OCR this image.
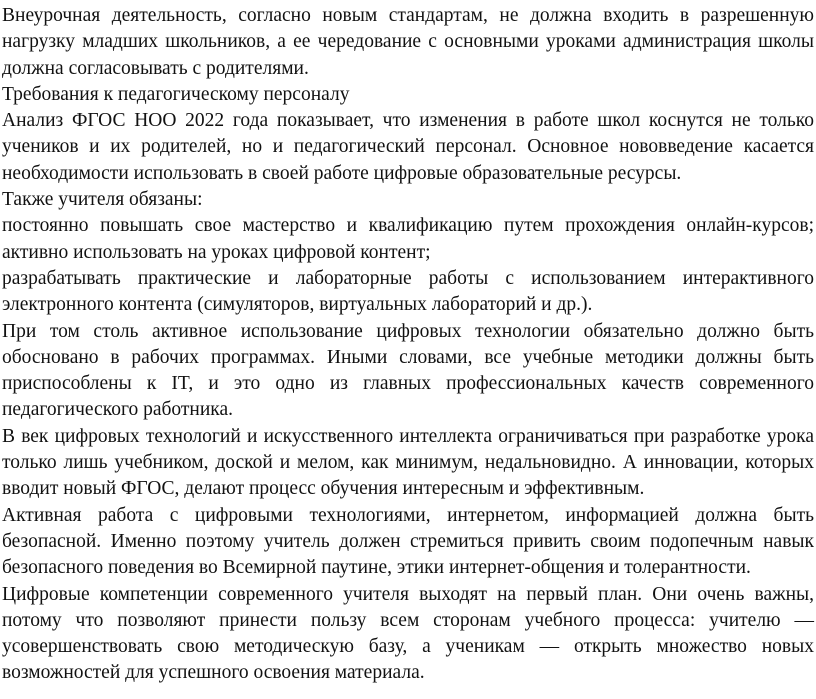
Внеурочная деятельность, согласно новым стандартам, не должна входить в разрешенную нагрузку младших школьников, а ее чередование с основными уроками администрация школы должна согласовывать с родителями.

Требования к педагогическому персоналу

Анализ ФГОС НОО 2022 года показывает, что изменения в работе школ коснутся не только учеников и их родителей, но и педагогический персонал. Основное нововведение касается необходимости использовать в своей работе цифровые образовательные ресурсы.

Также учителя обязаны:

постоянно повышать свое мастерство и квалификацию путем прохождения онлайн-курсов; активно использовать на уроках цифровой контент;

разрабатывать практические и лабораторные работы с использованием интерактивного электронного контента (симуляторов, виртуальных лабораторий и др.).

При том столь активное использование цифровых технологии обязательно должно быть обосновано в рабочих программах. Иными словами, все учебные методики должны быть приспособлены к IT, и это одно из главных профессиональных качеств современного педагогического работника.

В век цифровых технологий и искусственного интеллекта ограничиваться при разработке урока только лишь учебником, доской и мелом, как минимум, недальновидно. А инновации, которых вводит новый ФГОС, делают процесс обучения интересным и эффективным.

Активная работа с цифровыми технологиями, интернетом, информацией должна быть безопасной. Именно поэтому учитель должен стремиться привить своим подопечным навык безопасного поведения во Всемирной паутине, этики интернет-общения и толерантности.

Цифровые компетенции современного учителя выходят на первый план. Они очень важны, потому что позволяют принести пользу всем сторонам учебного процесса: учителю — усовершенствовать свою методическую базу, а ученикам — открыть множество новых возможностей для успешного освоения материала.
